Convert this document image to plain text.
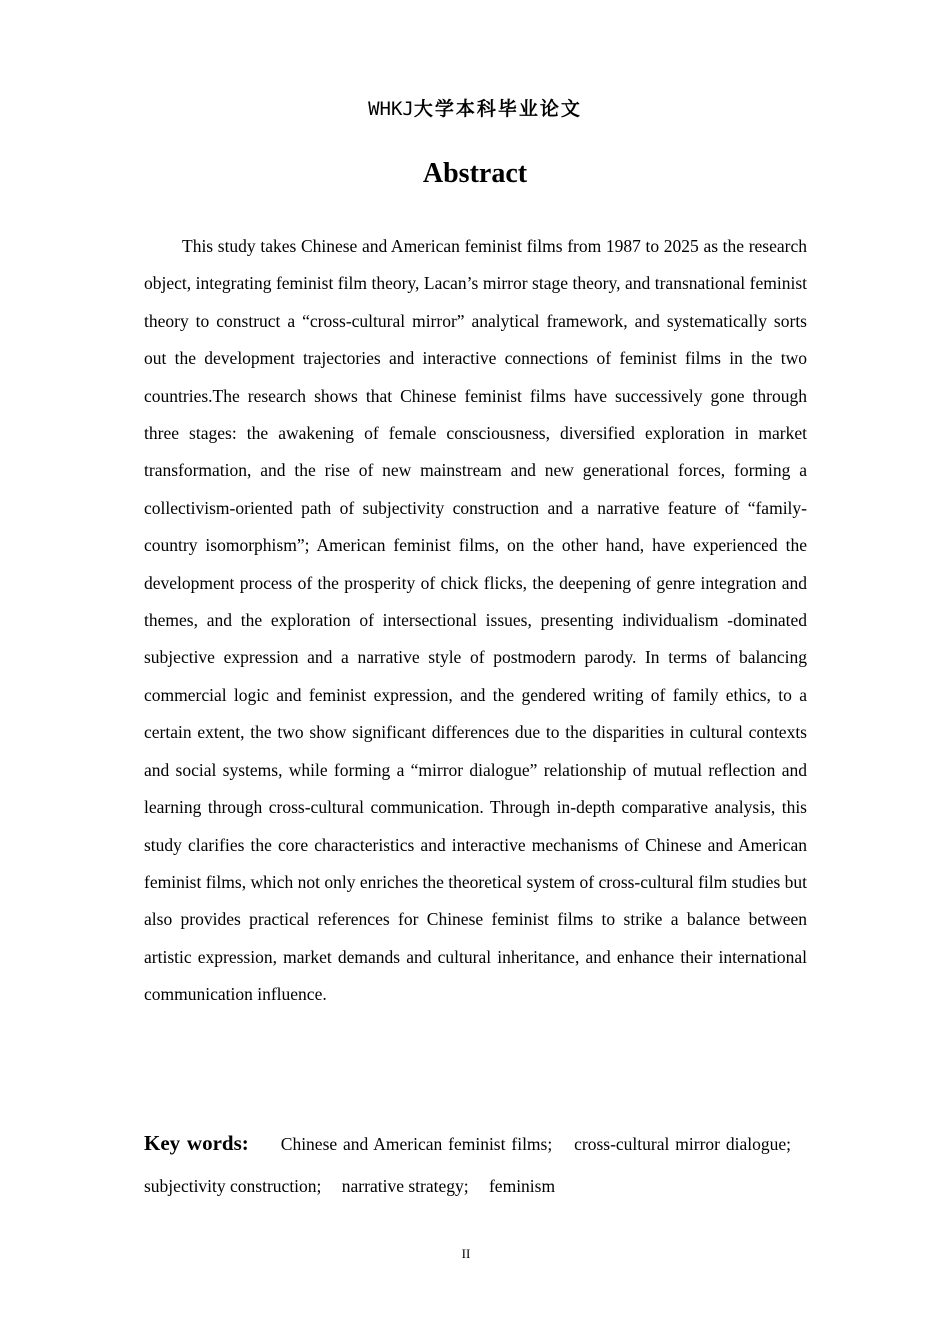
WHKJ大学本科毕业论文
Abstract

This study takes Chinese and American feminist films from 1987 to 2025 as the research object, integrating feminist film theory, Lacan’s mirror stage theory, and transnational feminist theory to construct a “cross-cultural mirror” analytical framework, and systematically sorts out the development trajectories and interactive connections of feminist films in the two countries.The research shows that Chinese feminist films have successively gone through three stages: the awakening of female consciousness, diversified exploration in market transformation, and the rise of new mainstream and new generational forces, forming a collectivism-oriented path of subjectivity construction and a narrative feature of “family-country isomorphism”; American feminist films, on the other hand, have experienced the development process of the prosperity of chick flicks, the deepening of genre integration and themes, and the exploration of intersectional issues, presenting individualism -dominated subjective expression and a narrative style of postmodern parody. In terms of balancing commercial logic and feminist expression, and the gendered writing of family ethics, to a certain extent, the two show significant differences due to the disparities in cultural contexts and social systems, while forming a “mirror dialogue” relationship of mutual reflection and learning through cross-cultural communication. Through in-depth comparative analysis, this study clarifies the core characteristics and interactive mechanisms of Chinese and American feminist films, which not only enriches the theoretical system of cross-cultural film studies but also provides practical references for Chinese feminist films to strike a balance between artistic expression, market demands and cultural inheritance, and enhance their international communication influence.

Key words: Chinese and American feminist films; cross-cultural mirror dialogue; subjectivity construction; narrative strategy; feminism

II
